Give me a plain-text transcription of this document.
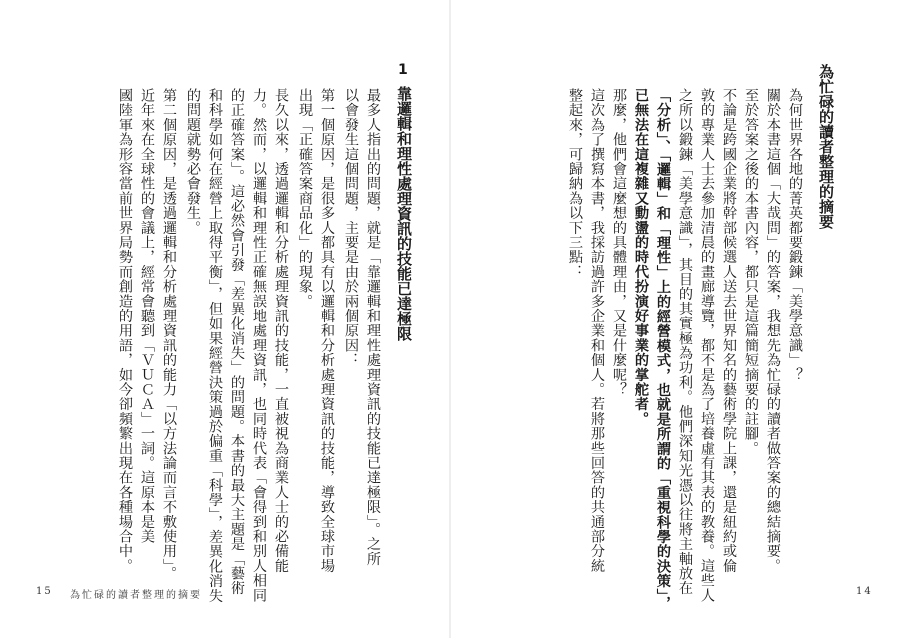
為忙碌的讀者整理的摘要
為何世界各地的菁英都要鍛鍊「美學意識」？
關於本書這個「大哉問」的答案，我想先為忙碌的讀者做答案的總結摘要。
至於答案之後的本書內容，都只是這篇簡短摘要的註腳。
不論是跨國企業將幹部候選人送去世界知名的藝術學院上課，還是紐約或倫
敦的專業人士去參加清晨的畫廊導覽，都不是為了培養虛有其表的教養。這些人
之所以鍛鍊「美學意識」，其目的其實極為功利。他們深知光憑以往將主軸放在
「分析」、「邏輯」和「理性」上的經營模式，也就是所謂的「重視科學的決策」，
已無法在這複雜又動盪的時代扮演好事業的掌舵者。
那麼，他們會這麼想的具體理由，又是什麼呢？
這次為了撰寫本書，我採訪過許多企業和個人。若將那些回答的共通部分統
整起來，可歸納為以下三點：
14
1
靠邏輯和理性處理資訊的技能已達極限
最多人指出的問題，就是「靠邏輯和理性處理資訊的技能已達極限」。之所
以會發生這個問題，主要是由於兩個原因：
第一個原因，是很多人都具有以邏輯和分析處理資訊的技能，導致全球市場
出現「正確答案商品化」的現象。
長久以來，透過邏輯和分析處理資訊的技能，一直被視為商業人士的必備能
力。然而，以邏輯和理性正確無誤地處理資訊，也同時代表「會得到和別人相同
的正確答案」。這必然會引發「差異化消失」的問題。本書的最大主題是「藝術
和科學如何在經營上取得平衡」，但如果經營決策過於偏重「科學」，差異化消失
的問題就勢必會發生。
第二個原因，是透過邏輯和分析處理資訊的能力「以方法論而言不敷使用」。
近年來在全球性的會議上，經常會聽到「ＶＵＣＡ」一詞。這原本是美
國陸軍為形容當前世界局勢而創造的用語，如今卻頻繁出現在各種場合中。
15 為忙碌的讀者整理的摘要
